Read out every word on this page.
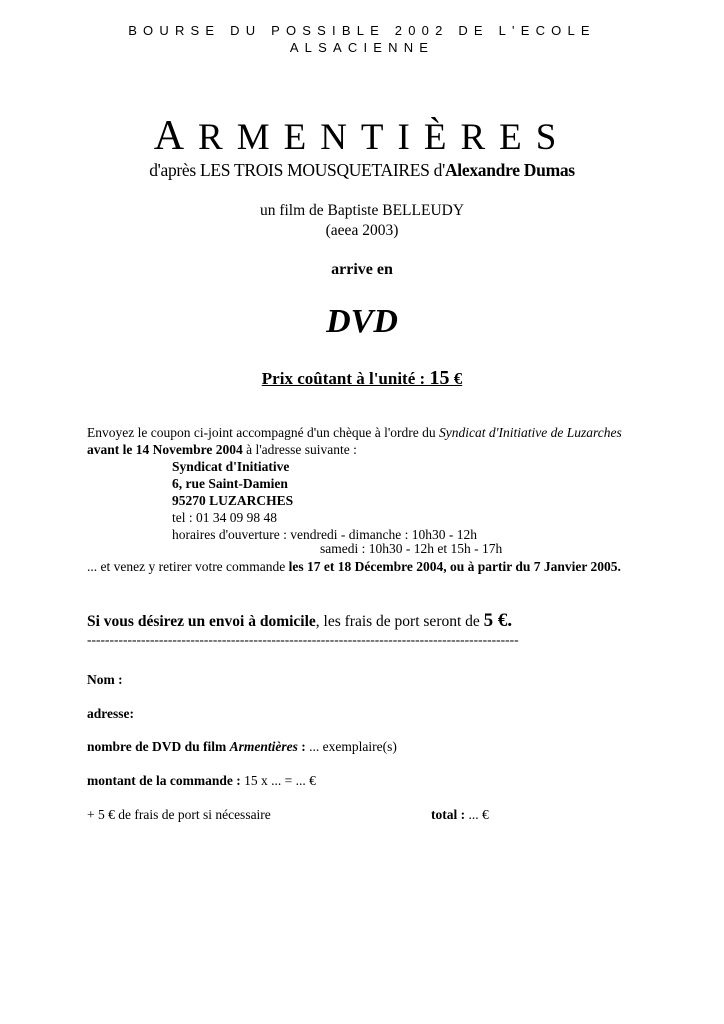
BOURSE DU POSSIBLE 2002 DE L'ECOLE ALSACIENNE
ARMENTIÈRES
d'après LES TROIS MOUSQUETAIRES d'Alexandre Dumas
un film de Baptiste BELLEUDY
(aeea 2003)
arrive en
DVD
Prix coûtant à l'unité : 15 €
Envoyez le coupon ci-joint accompagné d'un chèque à l'ordre du Syndicat d'Initiative de Luzarches avant le 14 Novembre 2004 à l'adresse suivante :
Syndicat d'Initiative
6, rue Saint-Damien
95270 LUZARCHES
tel : 01 34 09 98 48
horaires d'ouverture : vendredi - dimanche : 10h30 - 12h
samedi : 10h30 - 12h et 15h - 17h
... et venez y retirer votre commande les 17 et 18 Décembre 2004, ou à partir du 7 Janvier 2005.
Si vous désirez un envoi à domicile, les frais de port seront de 5 €.
------------------------------------------------------------------------------------------------
Nom :
adresse:
nombre de DVD du film Armentières : ... exemplaire(s)
montant de la commande : 15 x ... = ... €
+ 5 € de frais de port si nécessaire	total : ... €
